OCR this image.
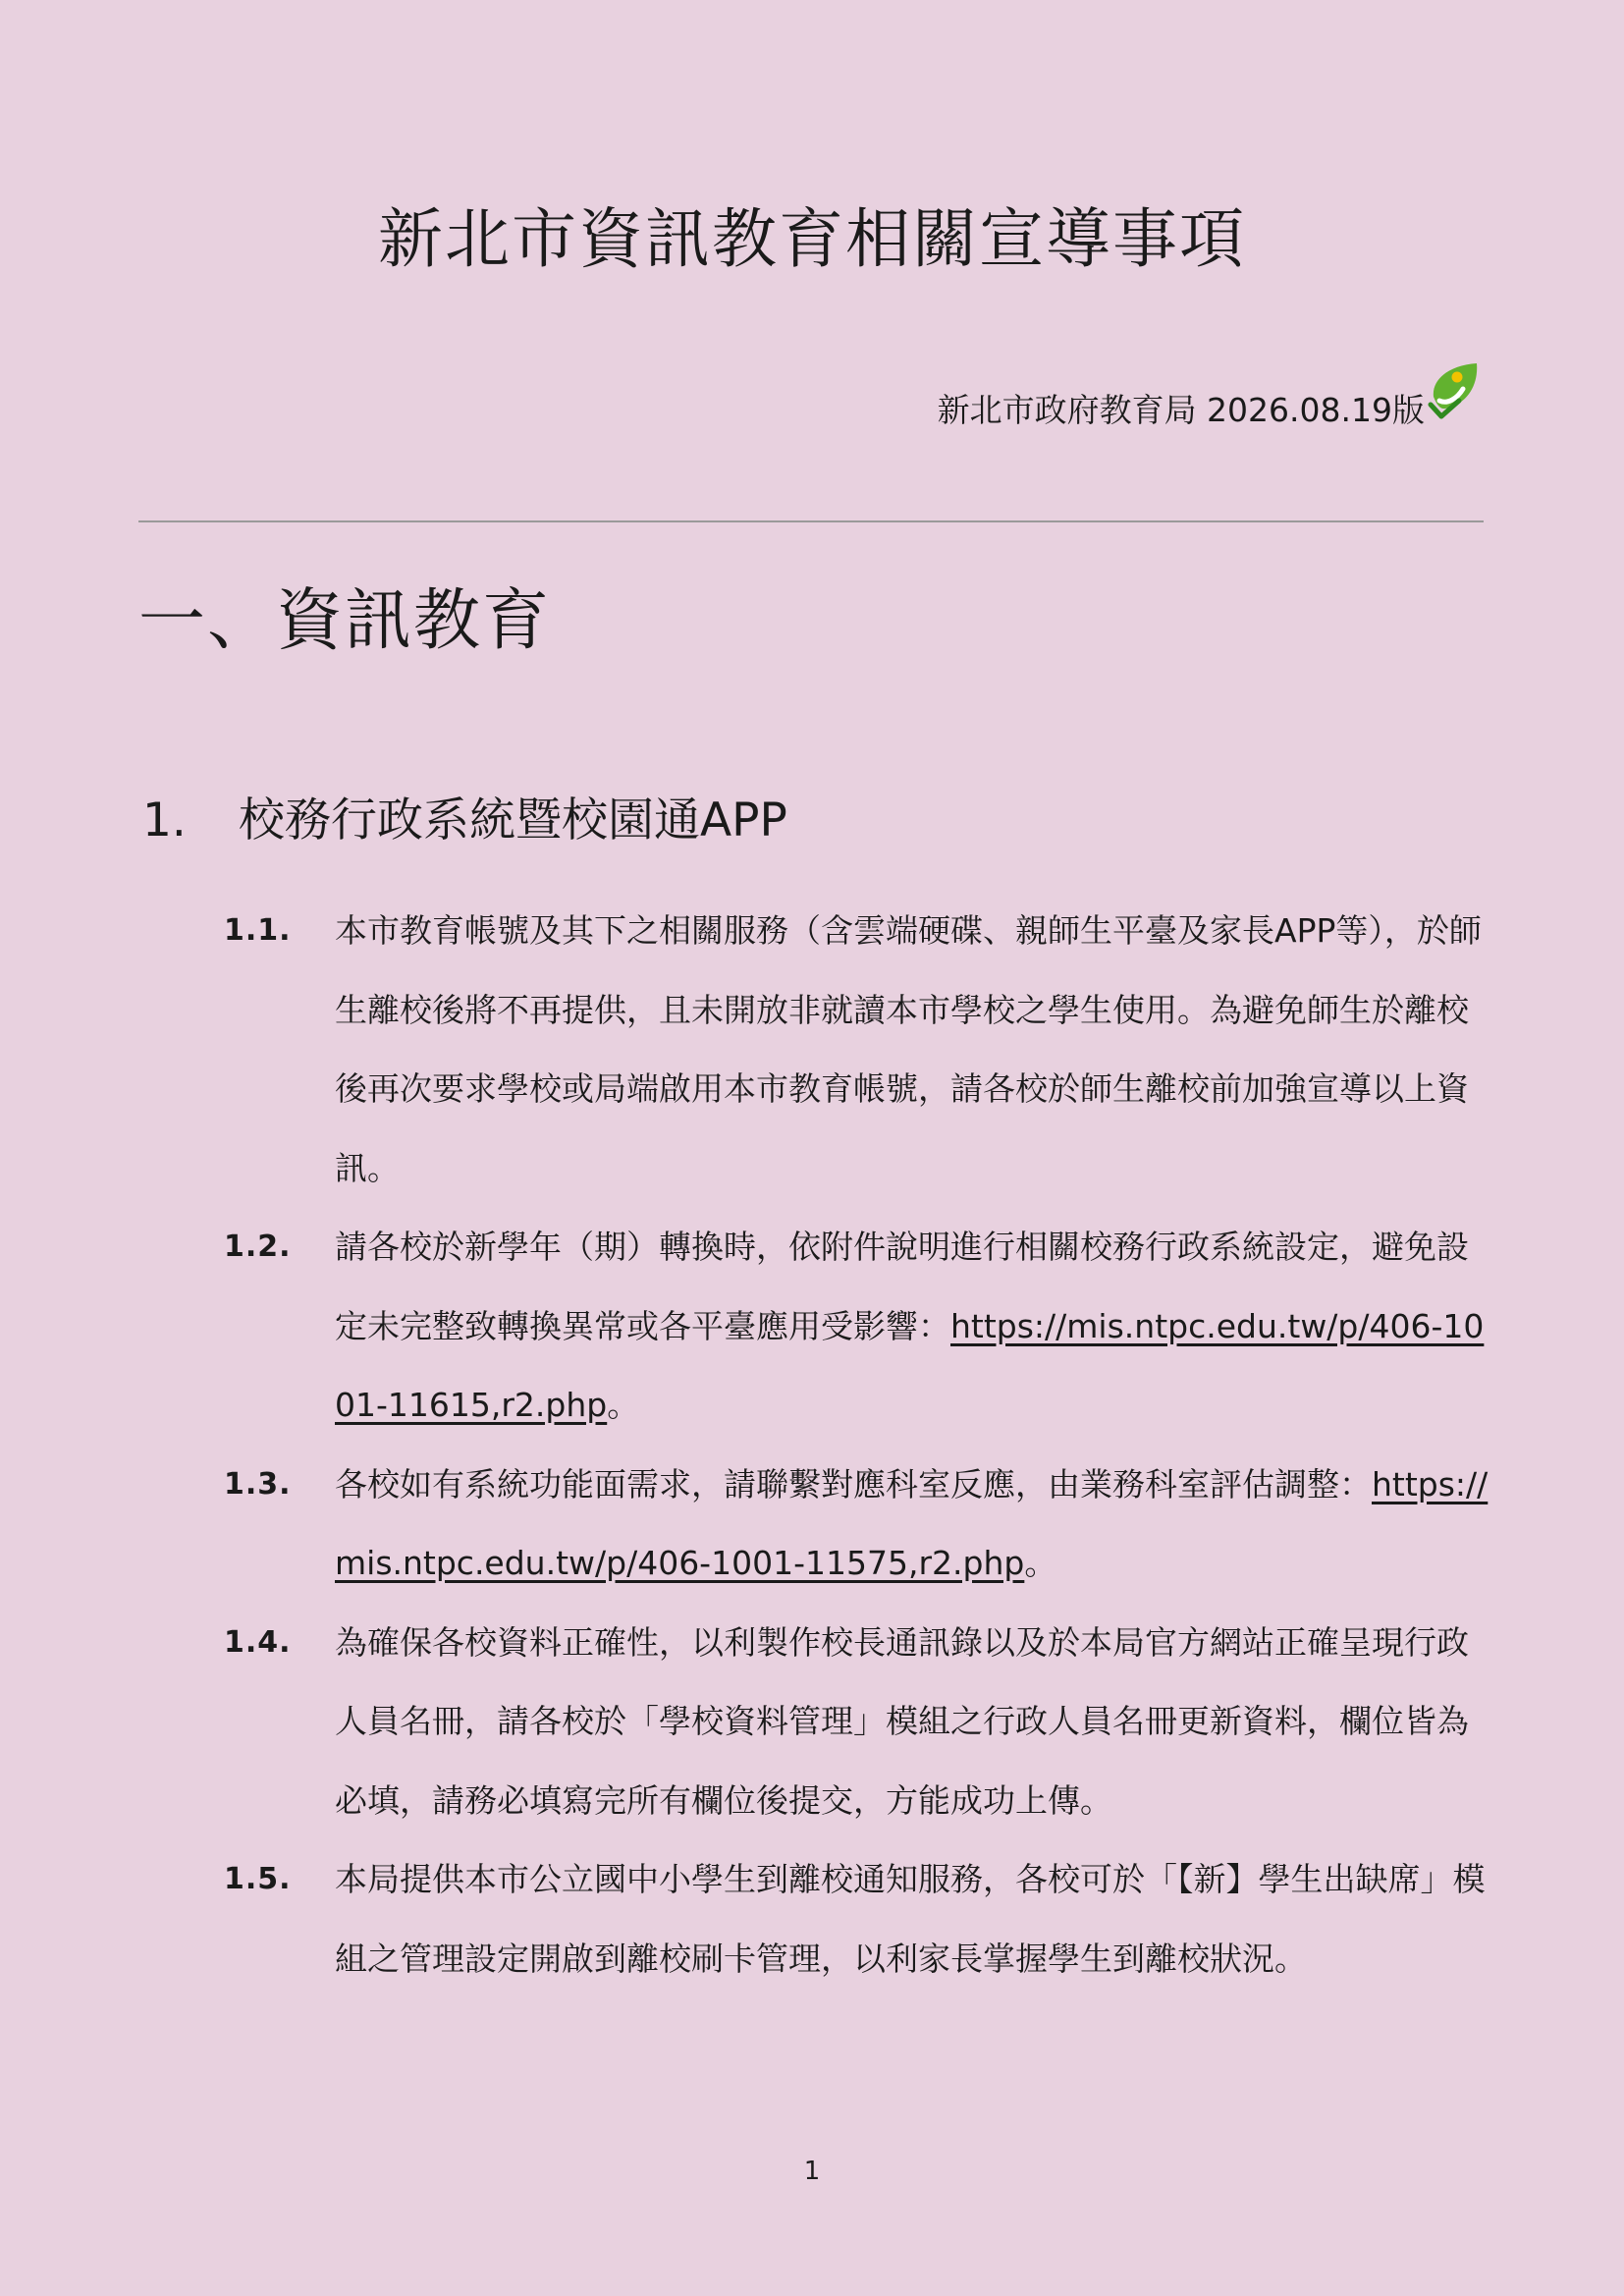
新北市資訊教育相關宣導事項
新北市政府教育局 2026.08.19版
一、資訊教育
1. 校務行政系統暨校園通APP
1.1. 本市教育帳號及其下之相關服務（含雲端硬碟、親師生平臺及家長APP等），於師生離校後將不再提供，且未開放非就讀本市學校之學生使用。為避免師生於離校後再次要求學校或局端啟用本市教育帳號，請各校於師生離校前加強宣導以上資訊。
1.2. 請各校於新學年（期）轉換時，依附件說明進行相關校務行政系統設定，避免設定未完整致轉換異常或各平臺應用受影響：https://mis.ntpc.edu.tw/p/406-1001-11615,r2.php。
1.3. 各校如有系統功能面需求，請聯繫對應科室反應，由業務科室評估調整：https://mis.ntpc.edu.tw/p/406-1001-11575,r2.php。
1.4. 為確保各校資料正確性，以利製作校長通訊錄以及於本局官方網站正確呈現行政人員名冊，請各校於「學校資料管理」模組之行政人員名冊更新資料，欄位皆為必填，請務必填寫完所有欄位後提交，方能成功上傳。
1.5. 本局提供本市公立國中小學生到離校通知服務，各校可於「【新】學生出缺席」模組之管理設定開啟到離校刷卡管理，以利家長掌握學生到離校狀況。
1
